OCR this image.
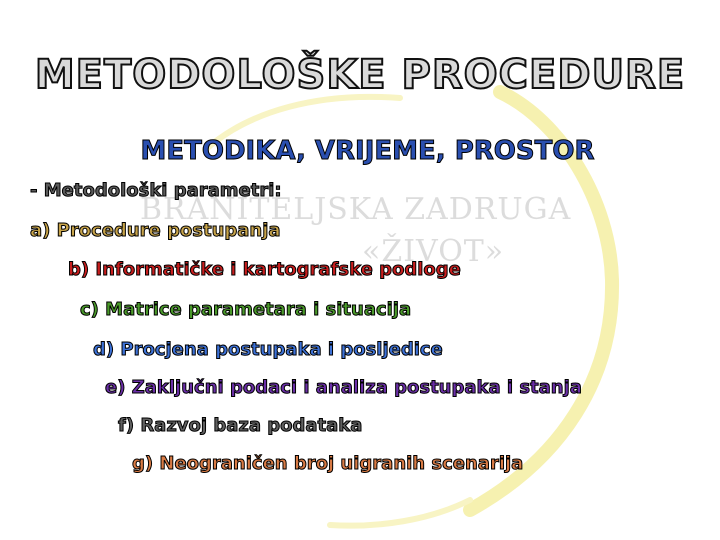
BRANITELJSKA ZADRUGA
«ŽIVOT»
METODOLOŠKE PROCEDURE
METODIKA, VRIJEME, PROSTOR
- Metodološki parametri:
a) Procedure postupanja
b) Informatičke i kartografske podloge
c) Matrice parametara i situacija
d) Procjena postupaka i posljedice
e) Zaključni podaci i analiza postupaka i stanja
f) Razvoj baza podataka
g) Neograničen broj uigranih scenarija
